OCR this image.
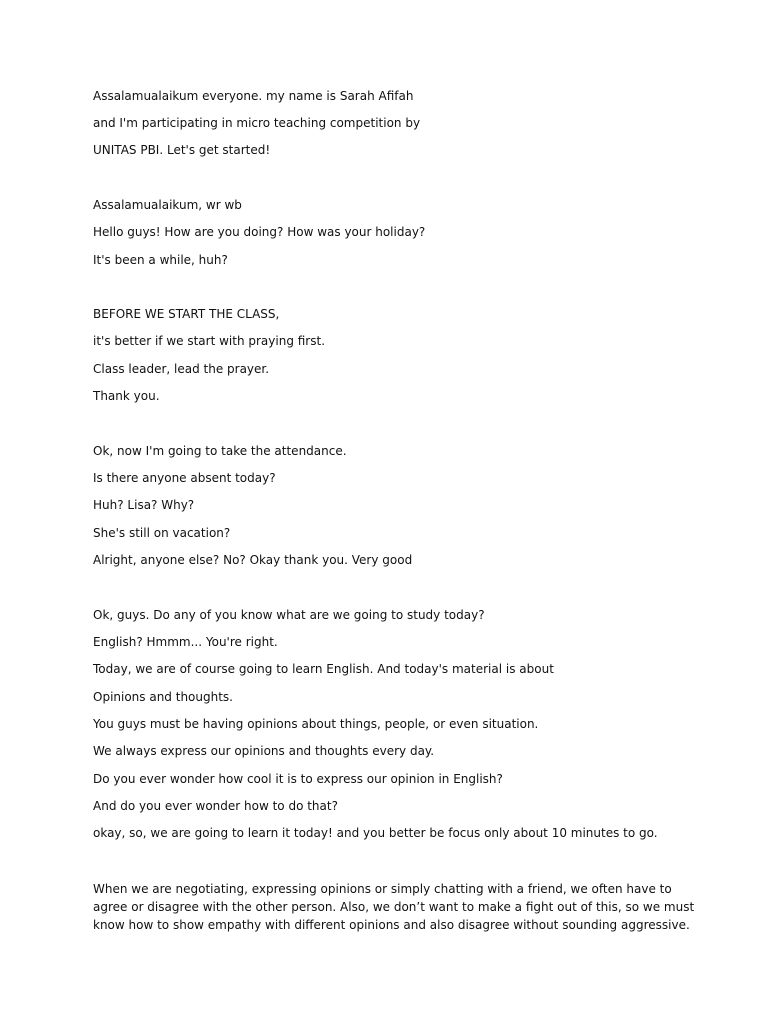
Assalamualaikum everyone. my name is Sarah Afifah

and I'm participating in micro teaching competition by

UNITAS PBI. Let's get started!

Assalamualaikum, wr wb

Hello guys! How are you doing? How was your holiday?

It's been a while, huh?

BEFORE WE START THE CLASS,

it's better if we start with praying first.

Class leader, lead the prayer.

Thank you.

Ok, now I'm going to take the attendance.

Is there anyone absent today?

Huh? Lisa? Why?

She's still on vacation?

Alright, anyone else? No? Okay thank you. Very good

Ok, guys. Do any of you know what are we going to study today?

English? Hmmm... You're right.

Today, we are of course going to learn English. And today's material is about

Opinions and thoughts.

You guys must be having opinions about things, people, or even situation.

We always express our opinions and thoughts every day.

Do you ever wonder how cool it is to express our opinion in English?

And do you ever wonder how to do that?

okay, so, we are going to learn it today! and you better be focus only about 10 minutes to go.

When we are negotiating, expressing opinions or simply chatting with a friend, we often have to
agree or disagree with the other person. Also, we don’t want to make a fight out of this, so we must
know how to show empathy with different opinions and also disagree without sounding aggressive.
